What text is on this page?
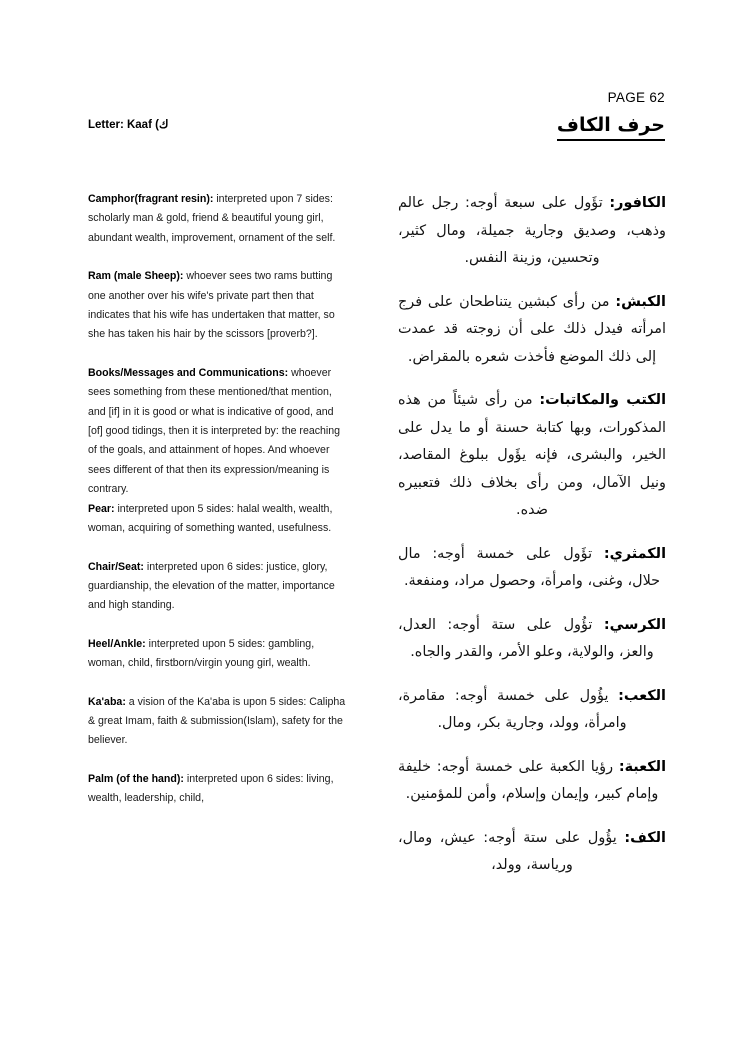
PAGE 62
Letter: Kaaf (ك	حرف الكاف

Camphor(fragrant resin): interpreted upon 7 sides: scholarly man & gold, friend & beautiful young girl, abundant wealth, improvement, ornament of the self.

Ram (male Sheep): whoever sees two rams butting one another over his wife's private part then that indicates that his wife has undertaken that matter, so she has taken his hair by the scissors [proverb?].

Books/Messages and Communications: whoever sees something from these mentioned/that mention, and [if] in it is good or what is indicative of good, and [of] good tidings, then it is interpreted by: the reaching of the goals, and attainment of hopes. And whoever sees different of that then its expression/meaning is contrary.
Pear: interpreted upon 5 sides: halal wealth, wealth, woman, acquiring of something wanted, usefulness.

Chair/Seat: interpreted upon 6 sides: justice, glory, guardianship, the elevation of the matter, importance and high standing.

Heel/Ankle: interpreted upon 5 sides: gambling, woman, child, firstborn/virgin young girl, wealth.

Ka'aba: a vision of the Ka'aba is upon 5 sides: Calipha & great Imam, faith & submission(Islam), safety for the believer.

Palm (of the hand): interpreted upon 6 sides: living, wealth, leadership, child,

الكافور: تؤَول على سبعة أوجه: رجل عالم وذهب، وصديق وجارية جميلة، ومال كثير، وتحسين، وزينة النفس.

الكبش: من رأى كبشين يتناطحان على فرج امرأته فيدل ذلك على أن زوجته قد عمدت إلى ذلك الموضع فأخذت شعره بالمقراض.

الكتب والمكاتبات: من رأى شيئاً من هذه المذكورات، وبها كتابة حسنة أو ما يدل على الخير، والبشرى، فإنه يؤَول ببلوغ المقاصد، ونيل الآمال، ومن رأى بخلاف ذلك فتعبيره ضده.

الكمثري: تؤَول على خمسة أوجه: مال حلال، وغنى، وامرأة، وحصول مراد، ومنفعة.

الكرسي: تؤُول على ستة أوجه: العدل، والعز، والولاية، وعلو الأمر، والقدر والجاه.

الكعب: يؤُول على خمسة أوجه: مقامرة، وامرأة، وولد، وجارية بكر، ومال.

الكعبة: رؤيا الكعبة على خمسة أوجه: خليفة وإمام كبير، وإيمان وإسلام، وأمن للمؤمنين.

الكف: يؤُول على ستة أوجه: عيش، ومال، ورياسة، وولد،
